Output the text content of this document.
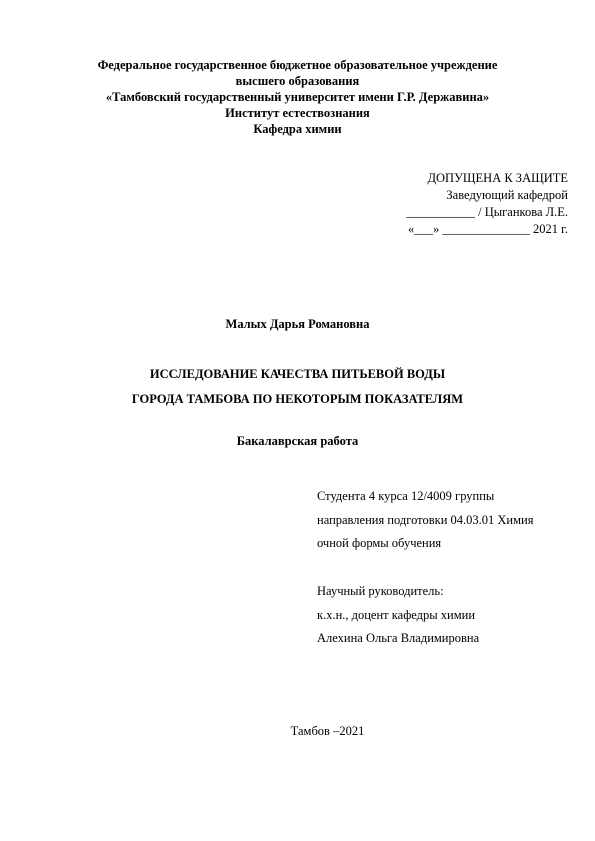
Федеральное государственное бюджетное образовательное учреждение
высшего образования
«Тамбовский государственный университет имени Г.Р. Державина»
Институт естествознания
Кафедра химии
ДОПУЩЕНА К ЗАЩИТЕ
Заведующий кафедрой
___________ / Цыганкова Л.Е.
«___» ______________ 2021 г.
Малых Дарья Романовна
ИССЛЕДОВАНИЕ КАЧЕСТВА ПИТЬЕВОЙ ВОДЫ
ГОРОДА ТАМБОВА ПО НЕКОТОРЫМ ПОКАЗАТЕЛЯМ
Бакалаврская работа
Студента 4 курса 12/4009 группы
направления подготовки 04.03.01 Химия
очной формы обучения
Научный руководитель:
к.х.н., доцент кафедры химии
Алехина Ольга Владимировна
Тамбов –2021
